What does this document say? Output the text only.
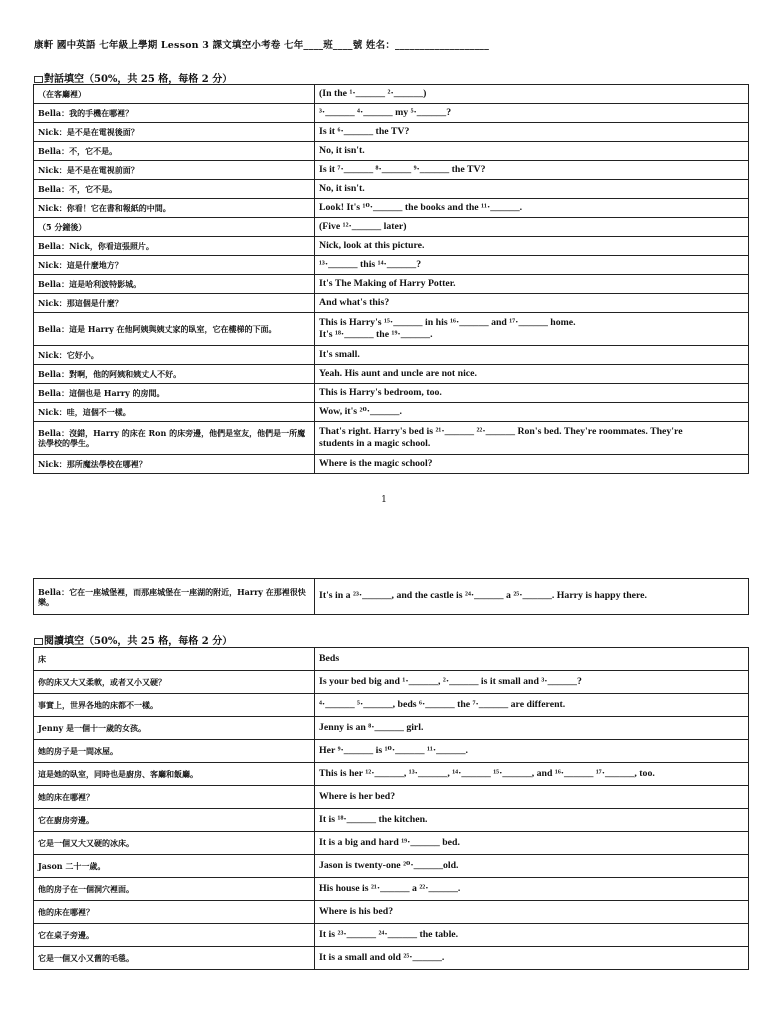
康軒 國中英語 七年級上學期 Lesson 3 課文填空小考卷 七年____班____號 姓名：___________________
對話填空（50%，共 25 格，每格 2 分）
（在客廳裡）	(In the ¹·______ ²·______)

Bella：我的手機在哪裡？	³·______ ⁴·______ my ⁵·______?

Nick：是不是在電視後面？	Is it ⁶·______ the TV?

Bella：不，它不是。	No, it isn't.

Nick：是不是在電視前面？	Is it ⁷·______ ⁸·______ ⁹·______ the TV?

Bella：不，它不是。	No, it isn't.

Nick：你看！它在書和報紙的中間。	Look! It's ¹⁰·______ the books and the ¹¹·______.

（5 分鐘後）	(Five ¹²·______ later)

Bella：Nick，你看這張照片。	Nick, look at this picture.

Nick：這是什麼地方？	¹³·______ this ¹⁴·______?

Bella：這是哈利波特影城。	It's The Making of Harry Potter.

Nick：那這個是什麼？	And what's this?

Bella：這是 Harry 在他阿姨與姨丈家的臥室，它在樓梯的下面。	This is Harry's ¹⁵·______ in his ¹⁶·______ and ¹⁷·______ home.
It's ¹⁸·______ the ¹⁹·______.

Nick：它好小。	It's small.

Bella：對啊，他的阿姨和姨丈人不好。	Yeah. His aunt and uncle are not nice.

Bella：這個也是 Harry 的房間。	This is Harry's bedroom, too.

Nick：哇，這個不一樣。	Wow, it's ²⁰·______.

Bella：沒錯，Harry 的床在 Ron 的床旁邊，他們是室友，他們是一所魔法學校的學生。	That's right. Harry's bed is ²¹·______ ²²·______ Ron's bed. They're roommates. They're
students in a magic school.

Nick：那所魔法學校在哪裡？	Where is the magic school?
1
Bella：它在一座城堡裡，而那座城堡在一座湖的附近，Harry 在那裡很快樂。	
It's in a ²³·______, and the castle is ²⁴·______ a ²⁵·______. Harry is happy there.
閱讀填空（50%，共 25 格，每格 2 分）
床	Beds

你的床又大又柔軟，或者又小又硬？	Is your bed big and ¹·______, ²·______ is it small and ³·______?

事實上，世界各地的床都不一樣。	⁴·______ ⁵·______, beds ⁶·______ the ⁷·______ are different.

Jenny 是一個十一歲的女孩。	Jenny is an ⁸·______ girl.

她的房子是一間冰屋。	Her ⁹·______ is ¹⁰·______ ¹¹·______.

這是她的臥室，同時也是廚房、客廳和飯廳。	This is her ¹²·______, ¹³·______, ¹⁴·______ ¹⁵·______, and ¹⁶·______ ¹⁷·______, too.

她的床在哪裡？	Where is her bed?

它在廚房旁邊。	It is ¹⁸·______ the kitchen.

它是一個又大又硬的冰床。	It is a big and hard ¹⁹·______ bed.

Jason 二十一歲。	Jason is twenty-one ²⁰·______old.

他的房子在一個洞穴裡面。	His house is ²¹·______ a ²²·______.

他的床在哪裡？	Where is his bed?

它在桌子旁邊。	It is ²³·______ ²⁴·______ the table.

它是一個又小又舊的毛毯。	It is a small and old ²⁵·______.
